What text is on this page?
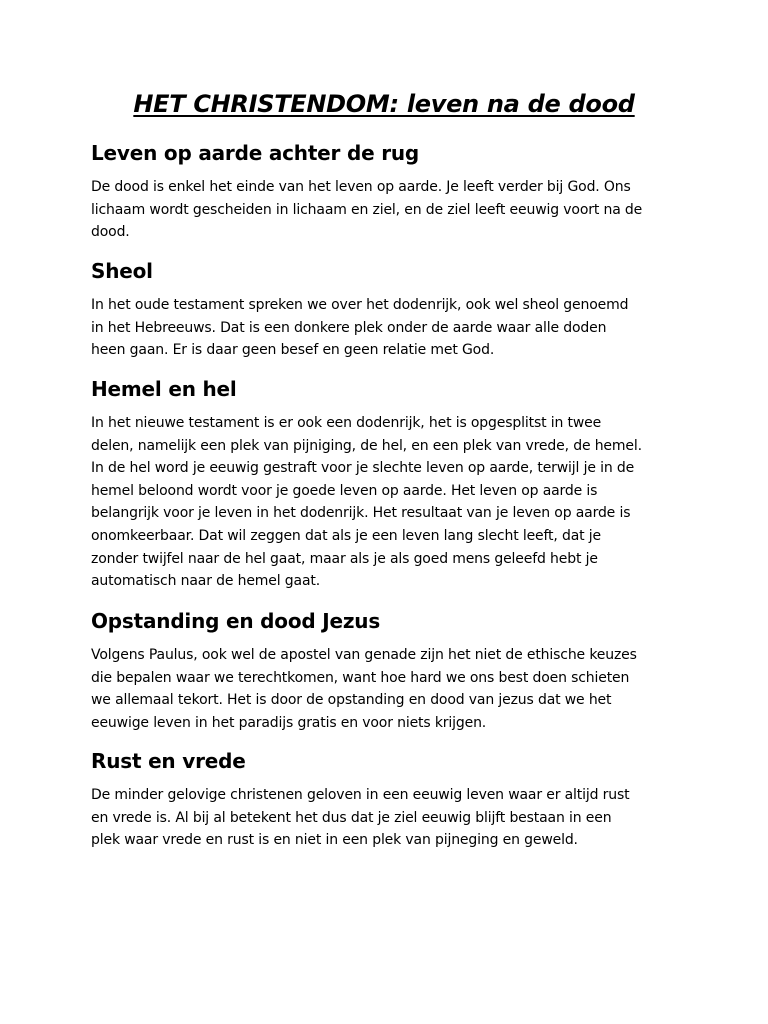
HET CHRISTENDOM: leven na de dood
Leven op aarde achter de rug

De dood is enkel het einde van het leven op aarde. Je leeft verder bij God. Ons
lichaam wordt gescheiden in lichaam en ziel, en de ziel leeft eeuwig voort na de
dood.

Sheol

In het oude testament spreken we over het dodenrijk, ook wel sheol genoemd
in het Hebreeuws. Dat is een donkere plek onder de aarde waar alle doden
heen gaan. Er is daar geen besef en geen relatie met God.

Hemel en hel

In het nieuwe testament is er ook een dodenrijk, het is opgesplitst in twee
delen, namelijk een plek van pijniging, de hel, en een plek van vrede, de hemel.
In de hel word je eeuwig gestraft voor je slechte leven op aarde, terwijl je in de
hemel beloond wordt voor je goede leven op aarde. Het leven op aarde is
belangrijk voor je leven in het dodenrijk. Het resultaat van je leven op aarde is
onomkeerbaar. Dat wil zeggen dat als je een leven lang slecht leeft, dat je
zonder twijfel naar de hel gaat, maar als je als goed mens geleefd hebt je
automatisch naar de hemel gaat.

Opstanding en dood Jezus

Volgens Paulus, ook wel de apostel van genade zijn het niet de ethische keuzes
die bepalen waar we terechtkomen, want hoe hard we ons best doen schieten
we allemaal tekort. Het is door de opstanding en dood van jezus dat we het
eeuwige leven in het paradijs gratis en voor niets krijgen.

Rust en vrede

De minder gelovige christenen geloven in een eeuwig leven waar er altijd rust
en vrede is. Al bij al betekent het dus dat je ziel eeuwig blijft bestaan in een
plek waar vrede en rust is en niet in een plek van pijneging en geweld.
